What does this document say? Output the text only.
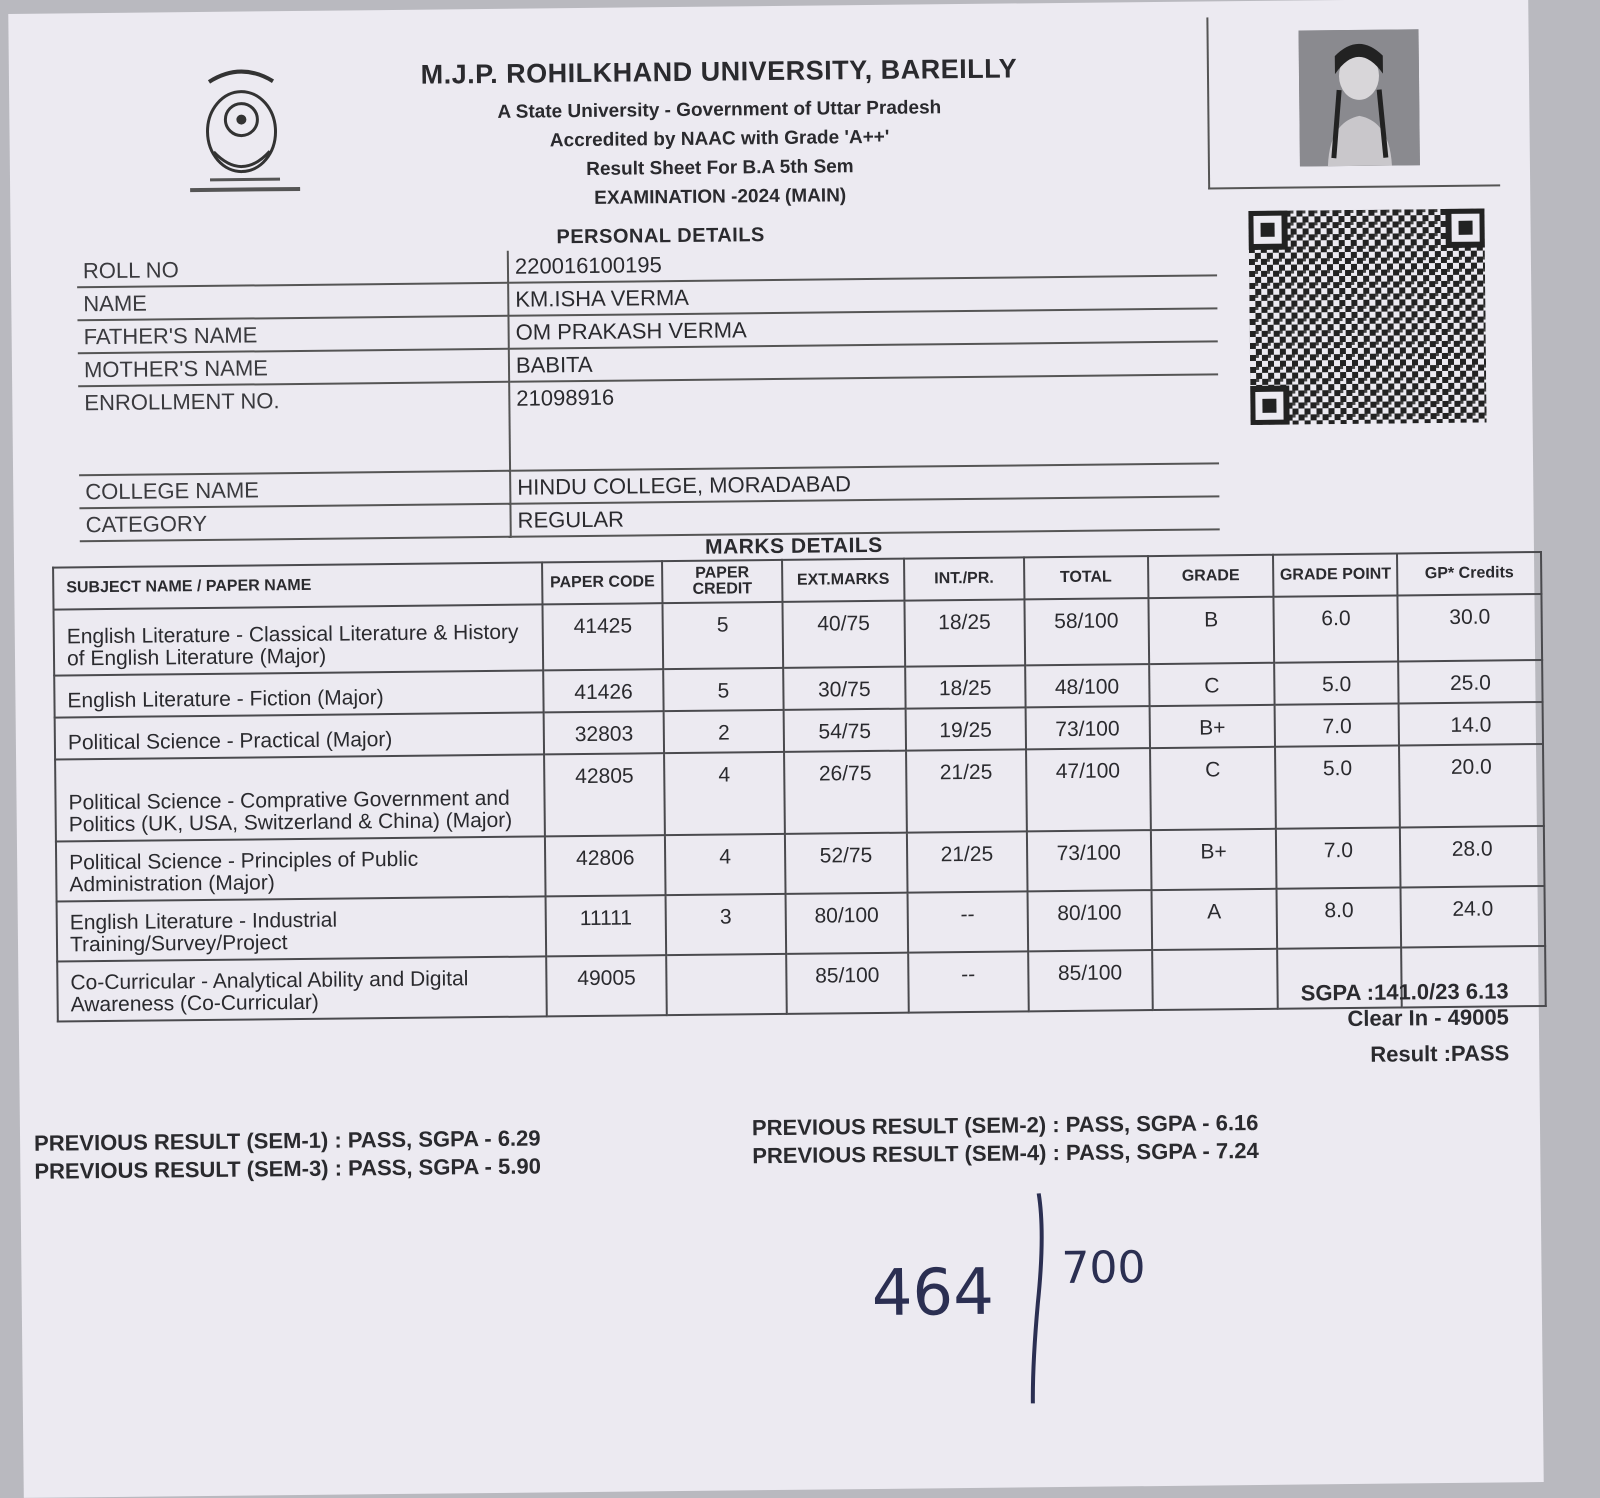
M.J.P. ROHILKHAND UNIVERSITY, BAREILLY
A State University - Government of Uttar Pradesh
Accredited by NAAC with Grade 'A++'
Result Sheet For B.A 5th Sem
EXAMINATION -2024 (MAIN)
PERSONAL DETAILS
ROLL NO	220016100195
NAME	KM.ISHA VERMA
FATHER'S NAME	OM PRAKASH VERMA
MOTHER'S NAME	BABITA
ENROLLMENT NO.	21098916
COLLEGE NAME	HINDU COLLEGE, MORADABAD
CATEGORY	REGULAR
MARKS DETAILS
SUBJECT NAME / PAPER NAME	PAPER CODE	PAPER CREDIT	EXT.MARKS	INT./PR.	TOTAL	GRADE	GRADE POINT	GP* Credits
English Literature - Classical Literature & History of English Literature (Major)	41425	5	40/75	18/25	58/100	B	6.0	30.0
English Literature - Fiction (Major)	41426	5	30/75	18/25	48/100	C	5.0	25.0
Political Science - Practical (Major)	32803	2	54/75	19/25	73/100	B+	7.0	14.0
Political Science - Comprative Government and Politics (UK, USA, Switzerland & China) (Major)	42805	4	26/75	21/25	47/100	C	5.0	20.0
Political Science - Principles of Public Administration (Major)	42806	4	52/75	21/25	73/100	B+	7.0	28.0
English Literature - Industrial Training/Survey/Project	11111	3	80/100	--	80/100	A	8.0	24.0
Co-Curricular - Analytical Ability and Digital Awareness (Co-Curricular)	49005		85/100	--	85/100			
SGPA :141.0/23 6.13
Clear In - 49005
Result :PASS
PREVIOUS RESULT (SEM-1) : PASS, SGPA - 6.29
PREVIOUS RESULT (SEM-3) : PASS, SGPA - 5.90
PREVIOUS RESULT (SEM-2) : PASS, SGPA - 6.16
PREVIOUS RESULT (SEM-4) : PASS, SGPA - 7.24
464 700
